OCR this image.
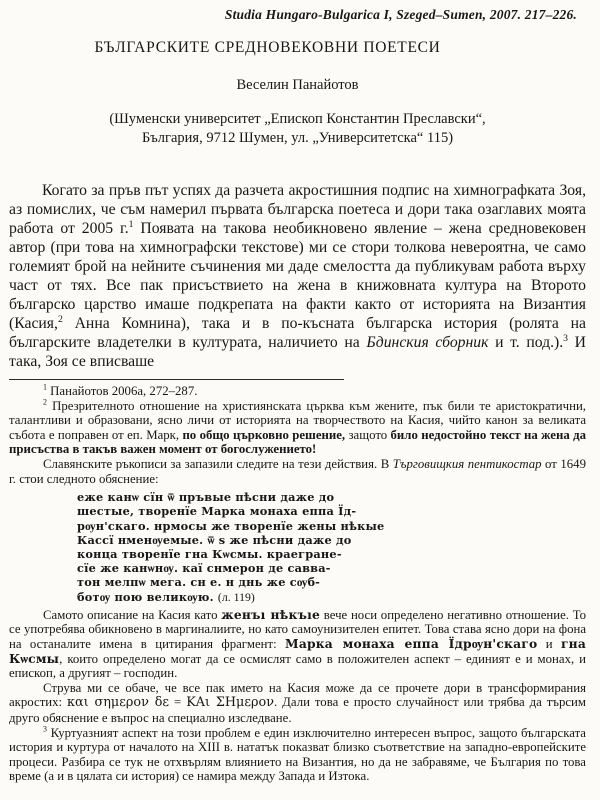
Studia Hungaro-Bulgarica I, Szeged–Sumen, 2007. 217–226.
БЪЛГАРСКИТЕ СРЕДНОВЕКОВНИ ПОЕТЕСИ
Веселин Панайотов
(Шуменски университет „Епископ Константин Преславски“,
България, 9712 Шумен, ул. „Университетска“ 115)

Когато за пръв път успях да разчета акростишния подпис на химнографката Зоя, аз помислих, че съм намерил първата българска поетеса и дори така озаглавих моята работа от 2005 г.$^1$ Появата на такова необикновено явление – жена средновековен автор (при това на химнографски текстове) ми се стори толкова невероятна, че само големият брой на нейните съчинения ми даде смелостта да публикувам работа върху част от тях. Все пак присъствието на жена в книжовната култура на Второто българско царство имаше подкрепата на факти както от историята на Византия (Касия,$^2$ Анна Комнина), така и в по-късната българска история (ролята на българските владетелки в културата, наличието на Бдинския сборник и т. под.).$^3$ И така, Зоя се вписваше

$^1$ Панайотов 2006а, 272–287.

$^2$ Презрителното отношение на християнската църква към жените, пък били те аристократични, талантливи и образовани, ясно личи от историята на творчеството на Касия, чийто канон за великата събота е поправен от еп. Марк, по общо църковно решение, защото било недостойно текст на жена да присъства в такъв важен момент от богослужението!

Славянските ръкописи за запазили следите на тези действия. В Търговищкия пентикостар от 1649 г. стои следното обяснение:

еже канѡ сїн ѿ пръвые пѣсни даже до
шестые, творенїе Марка монаха еппа Їд-
рѹн'скаго. нрмосы же творенїе жены нѣкые
Кассї нменѹемые. ѿ ѕ же пѣсни даже до
конца творенїе гна Кѡсмы. краегране-
сїе же канѡнѹ. каї снмерон де савва-
тон мелпѡ мега. сн е. н днь же сѹб-
ботѹ пою великѹю. (л. 119)

Самото описание на Касия като женъı нѣкъıе вече носи определено негативно отношение. То се употребява обикновено в маргиналиите, но като самоунизителен епитет. Това става ясно дори на фона на останалите имена в цитирания фрагмент: Марка монаха еппа Їдрѹн'скаго и гна Кѡсмы, които определено могат да се осмислят само в положителен аспект – единият е и монах, и епископ, а другият – господин.

Струва ми се обаче, че все пак името на Касия може да се прочете дори в трансформирания акростих: και σημερον δε = ΚΑι ΣΗμερον. Дали това е просто случайност или трябва да търсим друго обяснение е въпрос на специално изследване.

$^3$ Куртуазният аспект на този проблем е един изключително интересен въпрос, защото българската история и куртура от началото на XIII в. нататък показват близко съответствие на западно-европейските процеси. Разбира се тук не отхвърлям влиянието на Византия, но да не забравяме, че България по това време (а и в цялата си история) се намира между Запада и Изтока.
